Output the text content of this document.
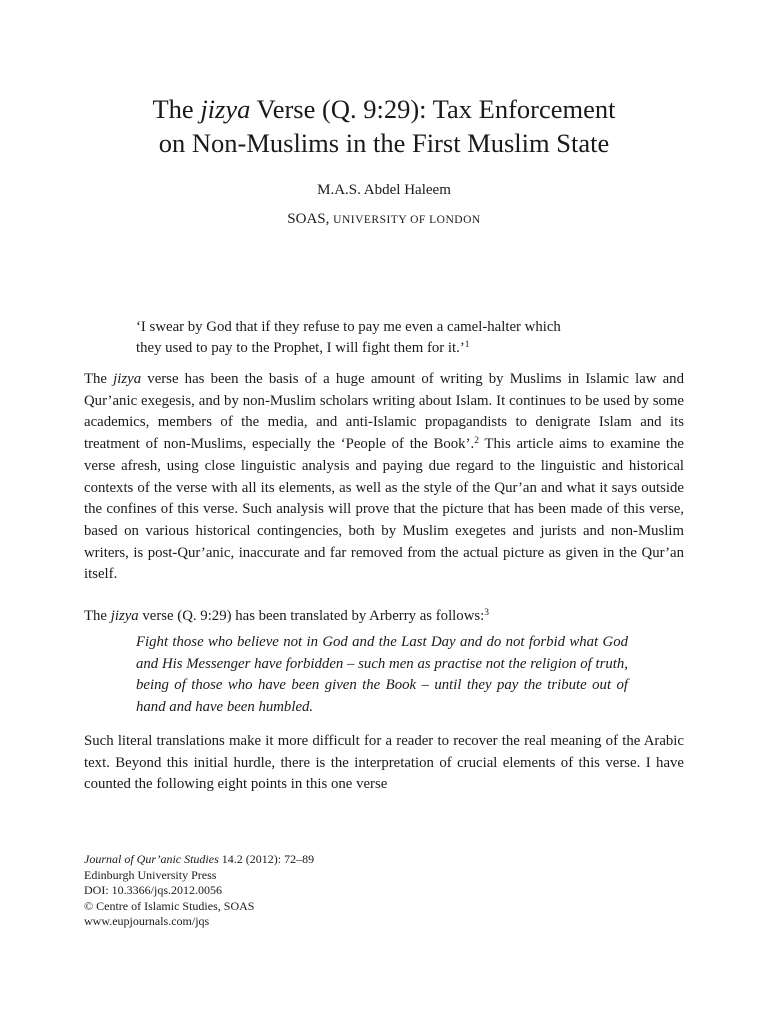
The jizya Verse (Q. 9:29): Tax Enforcement
on Non-Muslims in the First Muslim State
M.A.S. Abdel Haleem
SOAS, UNIVERSITY OF LONDON
‘I swear by God that if they refuse to pay me even a camel-halter which
they used to pay to the Prophet, I will fight them for it.’$^1$
The jizya verse has been the basis of a huge amount of writing by Muslims in Islamic law and Qur’anic exegesis, and by non-Muslim scholars writing about Islam. It continues to be used by some academics, members of the media, and anti-Islamic propagandists to denigrate Islam and its treatment of non-Muslims, especially the ‘People of the Book’.$^2$ This article aims to examine the verse afresh, using close linguistic analysis and paying due regard to the linguistic and historical contexts of the verse with all its elements, as well as the style of the Qur’an and what it says outside the confines of this verse. Such analysis will prove that the picture that has been made of this verse, based on various historical contingencies, both by Muslim exegetes and jurists and non-Muslim writers, is post-Qur’anic, inaccurate and far removed from the actual picture as given in the Qur’an itself.
The jizya verse (Q. 9:29) has been translated by Arberry as follows:$^3$
Fight those who believe not in God and the Last Day and do not forbid what God and His Messenger have forbidden – such men as practise not the religion of truth, being of those who have been given the Book – until they pay the tribute out of hand and have been humbled.
Such literal translations make it more difficult for a reader to recover the real meaning of the Arabic text. Beyond this initial hurdle, there is the interpretation of crucial elements of this verse. I have counted the following eight points in this one verse
Journal of Qur’anic Studies 14.2 (2012): 72–89
Edinburgh University Press
DOI: 10.3366/jqs.2012.0056
© Centre of Islamic Studies, SOAS
www.eupjournals.com/jqs
